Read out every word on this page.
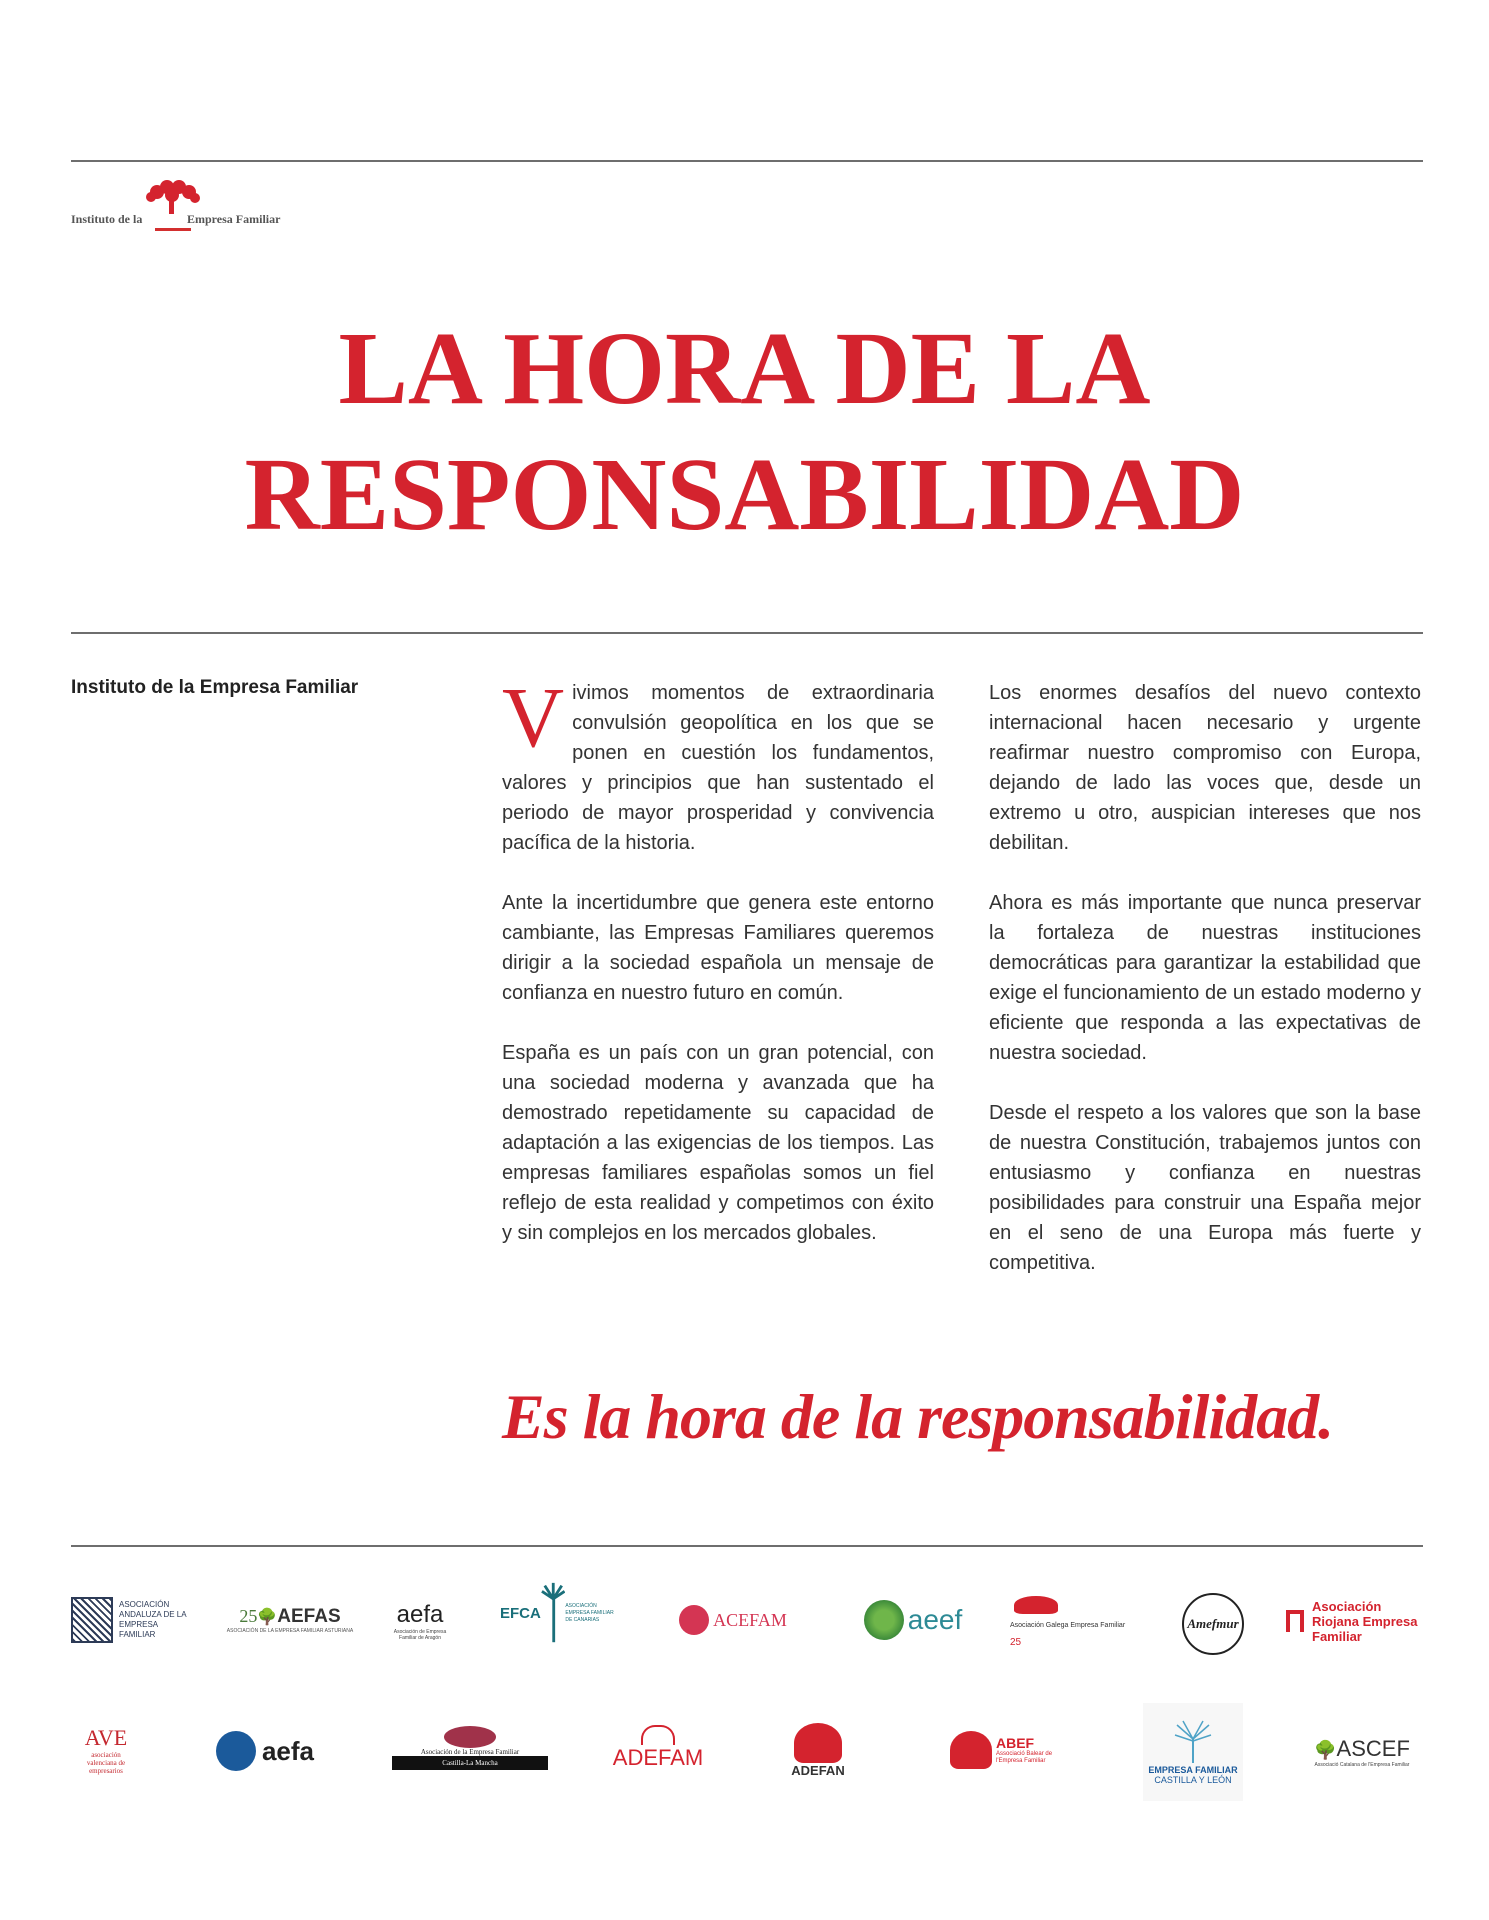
Instituto de la	Empresa Familiar
LA HORA DE LA
RESPONSABILIDAD
Instituto de la Empresa Familiar Vivimos momentos de extraordinaria convulsión geopolítica en los que se ponen en cuestión los fundamentos, valores y principios que han sustentado el periodo de mayor prosperidad y convivencia pacífica de la historia.

Ante la incertidumbre que genera este entorno cambiante, las Empresas Familiares queremos dirigir a la sociedad española un mensaje de confianza en nuestro futuro en común.

España es un país con un gran potencial, con una sociedad moderna y avanzada que ha demostrado repetidamente su capacidad de adaptación a las exigencias de los tiempos. Las empresas familiares españolas somos un fiel reflejo de esta realidad y competimos con éxito y sin complejos en los mercados globales.

Los enormes desafíos del nuevo contexto internacional hacen necesario y urgente reafirmar nuestro compromiso con Europa, dejando de lado las voces que, desde un extremo u otro, auspician intereses que nos debilitan.

Ahora es más importante que nunca preservar la fortaleza de nuestras instituciones democráticas para garantizar la estabilidad que exige el funcionamiento de un estado moderno y eficiente que responda a las expectativas de nuestra sociedad.

Desde el respeto a los valores que son la base de nuestra Constitución, trabajemos juntos con entusiasmo y confianza en nuestras posibilidades para construir una España mejor en el seno de una Europa más fuerte y competitiva.

Es la hora de la responsabilidad.
ASOCIACIÓN ANDALUZA DE LA EMPRESA FAMILIAR
25🌳AEFAS
ASOCIACIÓN DE LA EMPRESA FAMILIAR ASTURIANA
aefa
Asociación de Empresa Familiar de Aragón
EFCA	ASOCIACIÓN EMPRESA FAMILIAR DE CANARIAS	ACEFAM	aeef	Asociación Galega Empresa Familiar 25
Amefmur
Asociación Riojana Empresa Familiar
AVE
asociación valenciana de empresarios
aefa	Asociación de la Empresa Familiar
Castilla-La Mancha	ADEFAM	ADEFAN
ABEF
Associació Balear de l'Empresa Familiar
EMPRESA FAMILIAR
CASTILLA Y LEÓN
🌳ASCEF
Associació Catalana de l'Empresa Familiar
